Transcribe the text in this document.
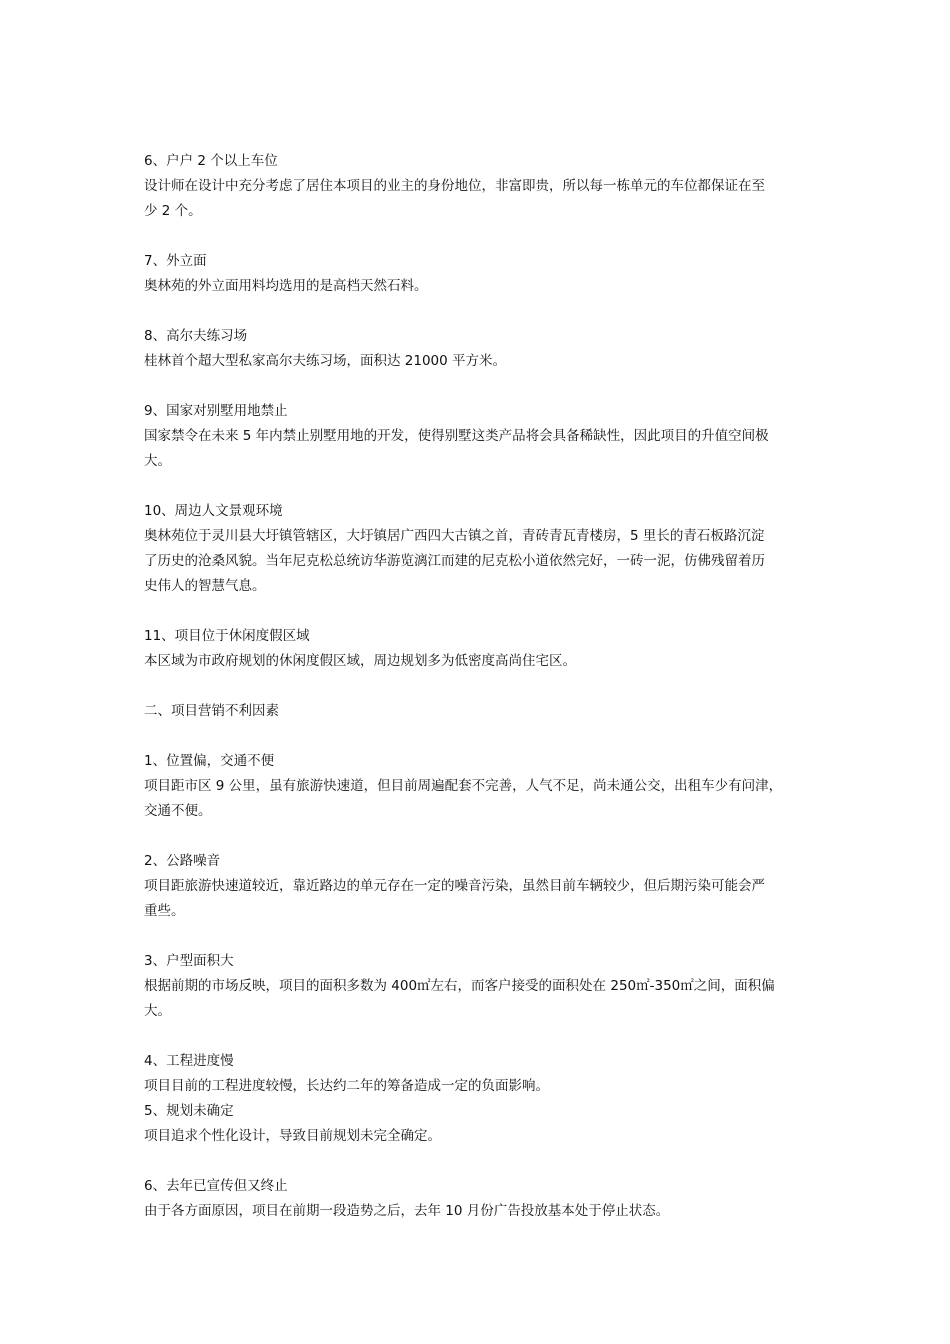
6、户户 2 个以上车位
设计师在设计中充分考虑了居住本项目的业主的身份地位，非富即贵，所以每一栋单元的车位都保证在至
少 2 个。
7、外立面
奥林苑的外立面用料均选用的是高档天然石料。
8、高尔夫练习场
桂林首个超大型私家高尔夫练习场，面积达 21000 平方米。
9、国家对别墅用地禁止
国家禁令在未来 5 年内禁止别墅用地的开发，使得别墅这类产品将会具备稀缺性，因此项目的升值空间极
大。
10、周边人文景观环境
奥林苑位于灵川县大圩镇管辖区，大圩镇居广西四大古镇之首，青砖青瓦青楼房，5 里长的青石板路沉淀
了历史的沧桑风貌。当年尼克松总统访华游览漓江而建的尼克松小道依然完好，一砖一泥，仿佛残留着历
史伟人的智慧气息。
11、项目位于休闲度假区域
本区域为市政府规划的休闲度假区域，周边规划多为低密度高尚住宅区。
二、项目营销不利因素
1、位置偏，交通不便
项目距市区 9 公里，虽有旅游快速道，但目前周遍配套不完善，人气不足，尚未通公交，出租车少有问津，
交通不便。
2、公路噪音
项目距旅游快速道较近，靠近路边的单元存在一定的噪音污染，虽然目前车辆较少，但后期污染可能会严
重些。
3、户型面积大
根据前期的市场反映，项目的面积多数为 400㎡左右，而客户接受的面积处在 250㎡-350㎡之间，面积偏
大。
4、工程进度慢
项目目前的工程进度较慢，长达约二年的筹备造成一定的负面影响。
5、规划未确定
项目追求个性化设计，导致目前规划未完全确定。
6、去年已宣传但又终止
由于各方面原因，项目在前期一段造势之后，去年 10 月份广告投放基本处于停止状态。
